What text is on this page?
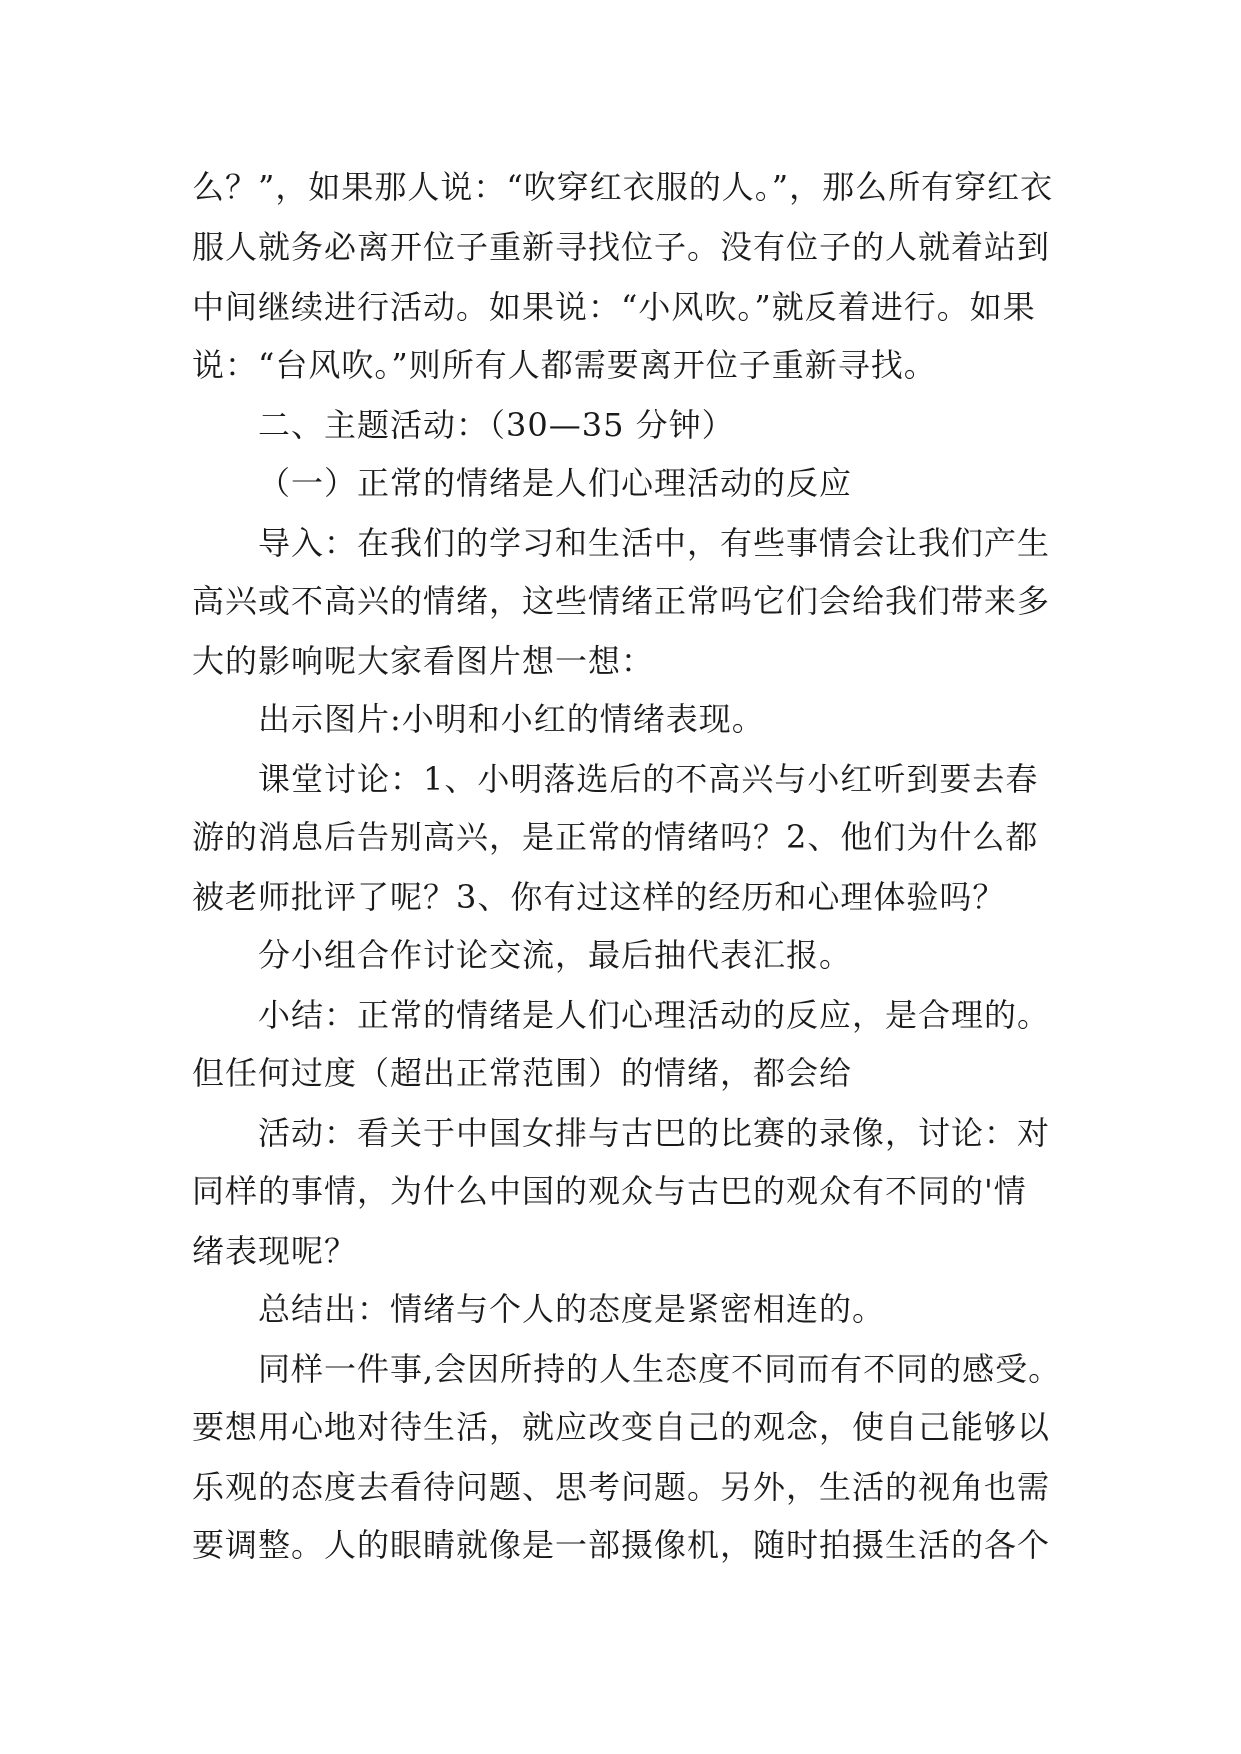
么？”，如果那人说：“吹穿红衣服的人。”，那么所有穿红衣
服人就务必离开位子重新寻找位子。没有位子的人就着站到
中间继续进行活动。如果说：“小风吹。”就反着进行。如果
说：“台风吹。”则所有人都需要离开位子重新寻找。
二、主题活动：（30—35 分钟）
（一）正常的情绪是人们心理活动的反应
导入：在我们的学习和生活中，有些事情会让我们产生
高兴或不高兴的情绪，这些情绪正常吗它们会给我们带来多
大的影响呢大家看图片想一想：
出示图片:小明和小红的情绪表现。
课堂讨论：1、小明落选后的不高兴与小红听到要去春
游的消息后告别高兴，是正常的情绪吗？2、他们为什么都
被老师批评了呢？3、你有过这样的经历和心理体验吗？
分小组合作讨论交流，最后抽代表汇报。
小结：正常的情绪是人们心理活动的反应，是合理的。
但任何过度（超出正常范围）的情绪，都会给
活动：看关于中国女排与古巴的比赛的录像，讨论：对
同样的事情，为什么中国的观众与古巴的观众有不同的'情
绪表现呢？
总结出：情绪与个人的态度是紧密相连的。
同样一件事,会因所持的人生态度不同而有不同的感受。
要想用心地对待生活，就应改变自己的观念，使自己能够以
乐观的态度去看待问题、思考问题。另外，生活的视角也需
要调整。人的眼睛就像是一部摄像机，随时拍摄生活的各个
